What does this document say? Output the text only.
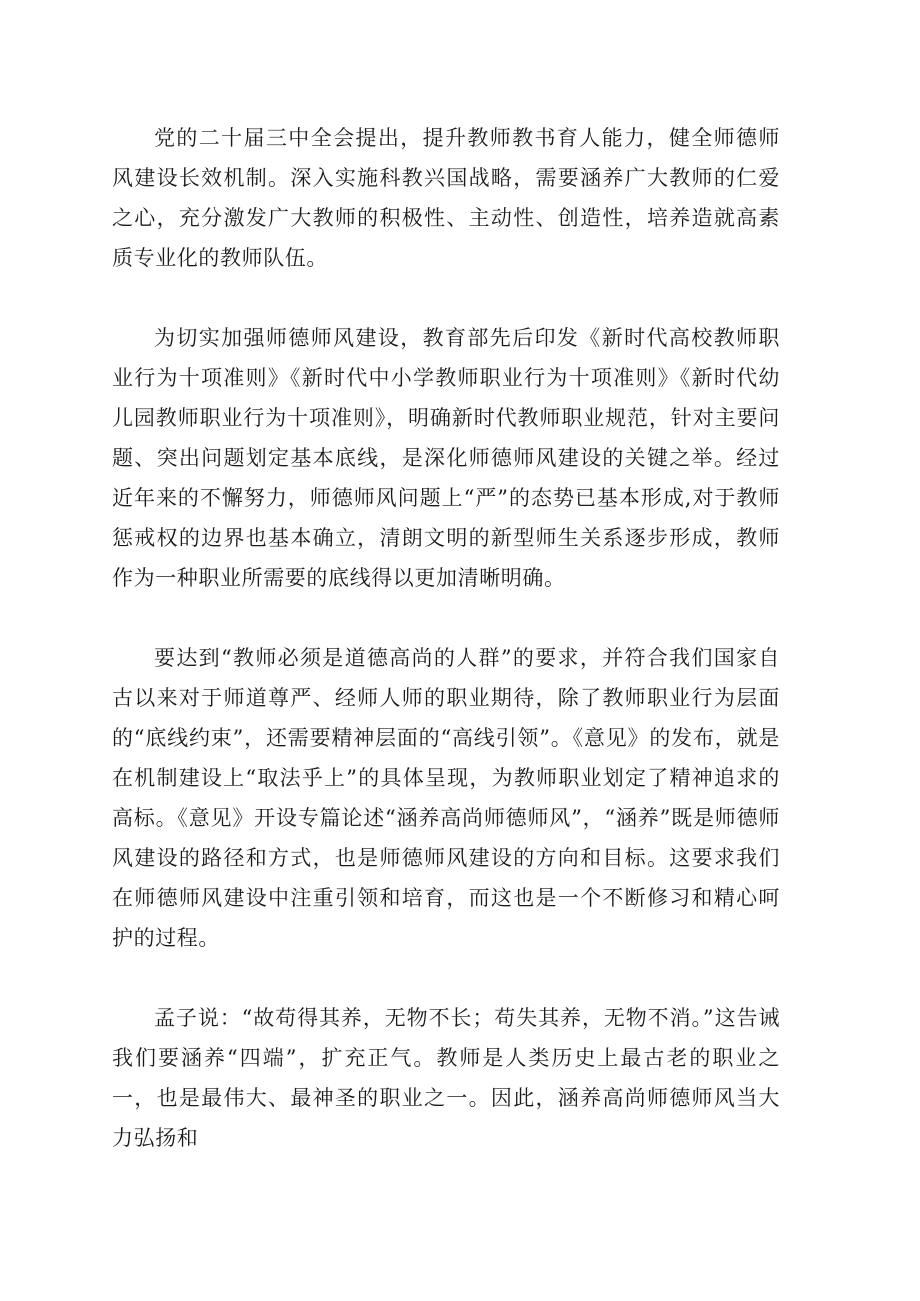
党的二十届三中全会提出，提升教师教书育人能力，健全师德师风建设长效机制。深入实施科教兴国战略，需要涵养广大教师的仁爱之心，充分激发广大教师的积极性、主动性、创造性，培养造就高素质专业化的教师队伍。

为切实加强师德师风建设，教育部先后印发《新时代高校教师职业行为十项准则》《新时代中小学教师职业行为十项准则》《新时代幼儿园教师职业行为十项准则》，明确新时代教师职业规范，针对主要问题、突出问题划定基本底线，是深化师德师风建设的关键之举。经过近年来的不懈努力，师德师风问题上“严”的态势已基本形成,对于教师惩戒权的边界也基本确立，清朗文明的新型师生关系逐步形成，教师作为一种职业所需要的底线得以更加清晰明确。

要达到“教师必须是道德高尚的人群”的要求，并符合我们国家自古以来对于师道尊严、经师人师的职业期待，除了教师职业行为层面的“底线约束”，还需要精神层面的“高线引领”。《意见》的发布，就是在机制建设上“取法乎上”的具体呈现，为教师职业划定了精神追求的高标。《意见》开设专篇论述“涵养高尚师德师风”，“涵养”既是师德师风建设的路径和方式，也是师德师风建设的方向和目标。这要求我们在师德师风建设中注重引领和培育，而这也是一个不断修习和精心呵护的过程。

孟子说：“故苟得其养，无物不长；苟失其养，无物不消。”这告诫我们要涵养“四端”，扩充正气。教师是人类历史上最古老的职业之一，也是最伟大、最神圣的职业之一。因此，涵养高尚师德师风当大力弘扬和
